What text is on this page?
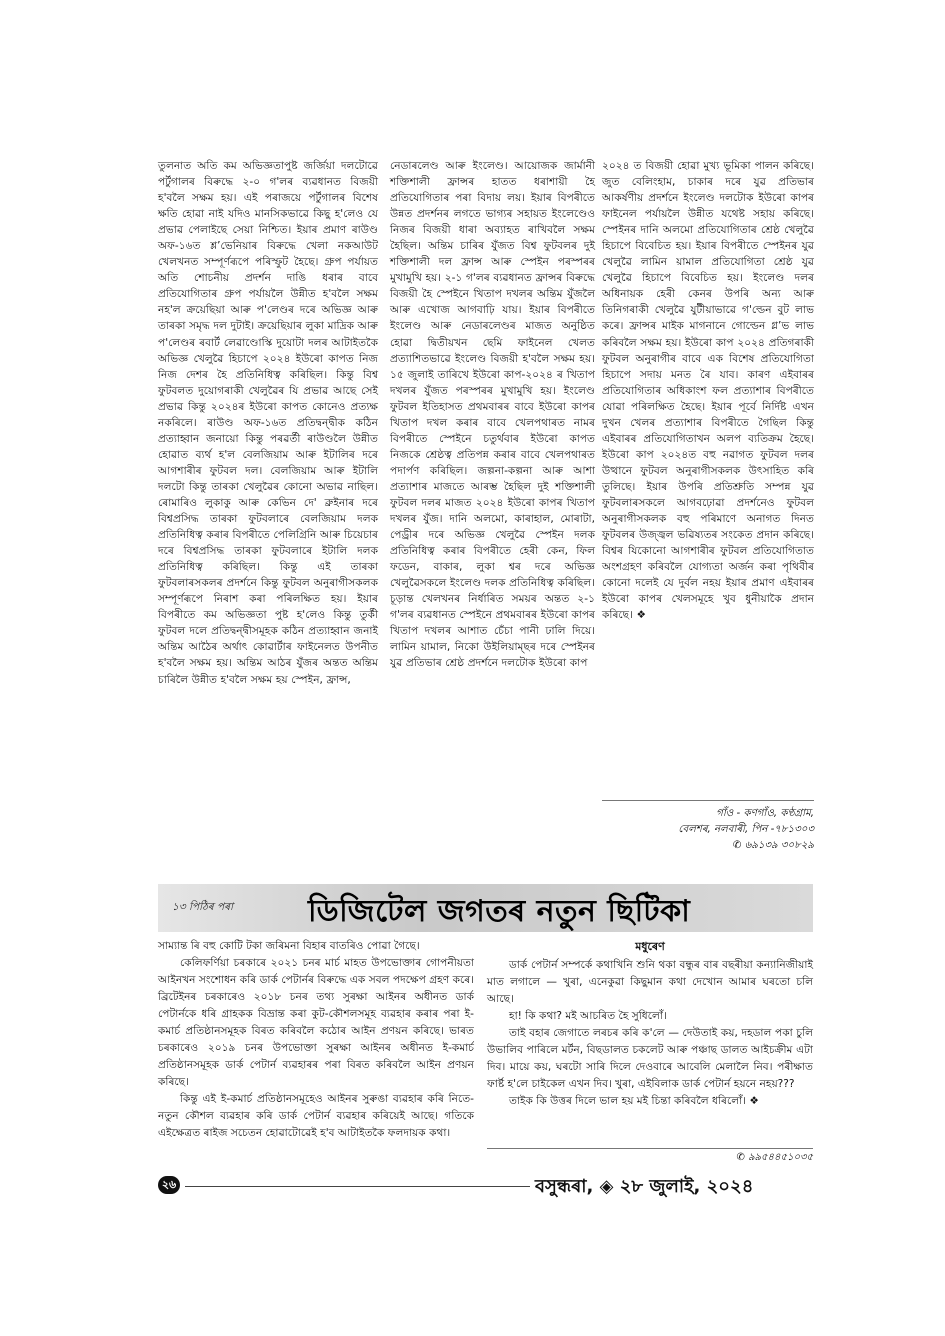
তুলনাত অতি কম অভিজ্ঞতাপুষ্ট জৰ্জিয়া দলটোৱে পৰ্টুগালৰ বিৰুদ্ধে ২-০ গ'লৰ ব্যৱধানত বিজয়ী হ'বলৈ সক্ষম হয়। এই পৰাজয়ে পৰ্টুগালৰ বিশেষ ক্ষতি হোৱা নাই যদিও মানসিকভাৱে কিছু হ'লেও যে প্ৰভাৱ পেলাইছে সেয়া নিশ্চিত। ইয়াৰ প্ৰমাণ ৰাউণ্ড অফ-১৬ত শ্লʼভেনিয়াৰ বিৰুদ্ধে খেলা নকআউট খেলখনত সম্পূৰ্ণৰূপে পৰিস্ফুট হৈছে। গ্ৰুপ পৰ্যায়ত অতি শোচনীয় প্ৰদৰ্শন দাঙি ধৰাৰ বাবে প্ৰতিযোগিতাৰ গ্ৰুপ পৰ্যায়লৈ উন্নীত হ'বলৈ সক্ষম নহ'ল ক্ৰয়েছিয়া আৰু প'লেণ্ডৰ দৰে অভিজ্ঞ আৰু তাৰকা সমৃদ্ধ দল দুটাই। ক্ৰয়েছিয়াৰ লুকা মাদ্ৰিক আৰু প'লেণ্ডৰ ৰবাৰ্ট লেৱাণ্ডোস্কি দুয়োটা দলৰ আটাইতকৈ অভিজ্ঞ খেলুৱৈ হিচাপে ২০২৪ ইউৰো কাপত নিজ নিজ দেশৰ হৈ প্ৰতিনিধিত্ব কৰিছিল। কিন্তু বিশ্ব ফুটবলত দুয়োগৰাকী খেলুৱৈৰ যি প্ৰভাৱ আছে সেই প্ৰভাৱ কিন্তু ২০২৪ৰ ইউৰো কাপত কোনেও প্ৰত্যক্ষ নকৰিলে। ৰাউণ্ড অফ-১৬ত প্ৰতিদ্বন্দ্বীক কঠিন প্ৰত্যাহ্বান জনায়ো কিন্তু পৰৱৰ্তী ৰাউণ্ডলৈ উন্নীত হোৱাত ব্যৰ্থ হ'ল বেলজিয়াম আৰু ইটালিৰ দৰে আগশাৰীৰ ফুটবল দল। বেলজিয়াম আৰু ইটালি দলটো কিন্তু তাৰকা খেলুৱৈৰ কোনো অভাৱ নাছিল। ৰোমাৰিও লুকাকু আৰু কেভিন দে' ব্ৰুইনাৰ দৰে বিশ্বপ্ৰসিদ্ধ তাৰকা ফুটবলাৰে বেলজিয়াম দলক প্ৰতিনিধিত্ব কৰাৰ বিপৰীতে পেলিগ্ৰিনি আৰু চিয়েচাৰ দৰে বিশ্বপ্ৰসিদ্ধ তাৰকা ফুটবলাৰে ইটালি দলক প্ৰতিনিধিত্ব কৰিছিল। কিন্তু এই তাৰকা ফুটবলাৰসকলৰ প্ৰদৰ্শনে কিন্তু ফুটবল অনুৰাগীসকলক সম্পূৰ্ণৰূপে নিৰাশ কৰা পৰিলক্ষিত হয়। ইয়াৰ বিপৰীতে কম অভিজ্ঞতা পুষ্ট হ'লেও কিন্তু তুৰ্কী ফুটবল দলে প্ৰতিদ্বন্দ্বীসমূহক কঠিন প্ৰত্যাহ্বান জনাই অন্তিম আঠৈৰ অৰ্থাৎ কোৱাৰ্টাৰ ফাইনেলত উপনীত হ'বলৈ সক্ষম হয়। অন্তিম আঠৰ যুঁজৰ অন্তত অন্তিম চাৰিলৈ উন্নীত হ'বলৈ সক্ষম হয় স্পেইন, ফ্ৰান্স,
নেডাৰলেণ্ড আৰু ইংলেণ্ড। আয়োজক জাৰ্মানী শক্তিশালী ফ্ৰান্সৰ হাতত ধৰাশায়ী হৈ প্ৰতিযোগিতাৰ পৰা বিদায় লয়। ইয়াৰ বিপৰীতে উন্নত প্ৰদৰ্শনৰ লগতে ভাগ্যৰ সহায়ত ইংলেণ্ডেও নিজৰ বিজয়ী ধাৰা অব্যাহত ৰাখিবলৈ সক্ষম হৈছিল। অন্তিম চাৰিৰ যুঁজত বিশ্ব ফুটবলৰ দুই শক্তিশালী দল ফ্ৰান্স আৰু স্পেইন পৰস্পৰৰ মুখামুখি হয়। ২-১ গ'লৰ ব্যৱধানত ফ্ৰান্সৰ বিৰুদ্ধে বিজয়ী হৈ স্পেইনে খিতাপ দখলৰ অন্তিম যুঁজলৈ আৰু এখোজ আগবাঢ়ি যায়। ইয়াৰ বিপৰীতে ইংলেণ্ড আৰু নেডাৰলেণ্ডৰ মাজত অনুষ্ঠিত হোৱা দ্বিতীয়খন ছেমি ফাইনেল খেলত প্ৰত্যাশিতভাৱে ইংলেণ্ড বিজয়ী হ'বলৈ সক্ষম হয়। ১৫ জুলাই তাৰিখে ইউৰো কাপ-২০২৪ ৰ খিতাপ দখলৰ যুঁজত পৰস্পৰৰ মুখামুখি হয়। ইংলেণ্ড ফুটবল ইতিহাসত প্ৰথমবাৰৰ বাবে ইউৰো কাপৰ খিতাপ দখল কৰাৰ বাবে খেলপথাৰত নামৰ বিপৰীতে স্পেইনে চতুৰ্থবাৰ ইউৰো কাপত নিজকে শ্ৰেষ্ঠত্ব প্ৰতিপন্ন কৰাৰ বাবে খেলপথাৰত পদাৰ্পণ কৰিছিল। জল্পনা-কল্পনা আৰু আশা প্ৰত্যাশাৰ মাজতে আৰম্ভ হৈছিল দুই শক্তিশালী ফুটবল দলৰ মাজত ২০২৪ ইউৰো কাপৰ খিতাপ দখলৰ যুঁজ। দানি অলমো, কাৰাহাল, মোৰাটা, পেড্ৰীৰ দৰে অভিজ্ঞ খেলুৱৈ স্পেইন দলক প্ৰতিনিধিত্ব কৰাৰ বিপৰীতে হেৰী কেন, ফিল ফডেন, বাকাৰ, লুকা শ্বৰ দৰে অভিজ্ঞ খেলুৱৈসকলে ইংলেণ্ড দলক প্ৰতিনিধিত্ব কৰিছিল। চূড়ান্ত খেলখনৰ নিৰ্ধাৰিত সময়ৰ অন্তত ২-১ গ'লৰ ব্যৱধানত স্পেইনে প্ৰথমবাৰৰ ইউৰো কাপৰ খিতাপ দখলৰ আশাত চেঁচা পানী ঢালি দিয়ে। লামিন য়ামাল, নিকো উইলিয়াম্ছৰ দৰে স্পেইনৰ যুৱ প্ৰতিভাৰ শ্ৰেষ্ঠ প্ৰদৰ্শনে দলটোক ইউৰো কাপ
২০২৪ ত বিজয়ী হোৱা মুখ্য ভূমিকা পালন কৰিছে। জুত বেলিংহাম, চাকাৰ দৰে যুৱ প্ৰতিভাৰ আকৰ্ষণীয় প্ৰদৰ্শনে ইংলেণ্ড দলটোক ইউৰো কাপৰ ফাইনেল পৰ্যায়লৈ উন্নীত যথেষ্ট সহায় কৰিছে। স্পেইনৰ দানি অলমো প্ৰতিযোগিতাৰ শ্ৰেষ্ঠ খেলুৱৈ হিচাপে বিবেচিত হয়। ইয়াৰ বিপৰীতে স্পেইনৰ যুৱ খেলুৱৈ লামিন য়ামাল প্ৰতিযোগিতা শ্ৰেষ্ঠ যুৱ খেলুৱৈ হিচাপে বিবেচিত হয়। ইংলেণ্ড দলৰ অধিনায়ক হেৰী কেনৰ উপৰি অন্য আৰু তিনিগৰাকী খেলুৱৈ যুটীয়াভাৱে গ'ল্ডেন বুট লাভ কৰে। ফ্ৰান্সৰ মাইক মাগনানে গোল্ডেন গ্লʼভ লাভ কৰিবলৈ সক্ষম হয়। ইউৰো কাপ ২০২৪ প্ৰতিগৰাকী ফুটবল অনুৰাগীৰ বাবে এক বিশেষ প্ৰতিযোগিতা হিচাপে সদায় মনত ৰৈ যাব। কাৰণ এইবাৰৰ প্ৰতিযোগিতাৰ অধিকাংশ ফল প্ৰত্যাশাৰ বিপৰীতে যোৱা পৰিলক্ষিত হৈছে। ইয়াৰ পূৰ্বে নিৰ্দিষ্ট এখন দুখন খেলৰ প্ৰত্যাশাৰ বিপৰীতে গৈছিল কিন্তু এইবাৰৰ প্ৰতিযোগিতাখন অলপ ব্যতিক্ৰম হৈছে। ইউৰো কাপ ২০২৪ত বহু নৱাগত ফুটবল দলৰ উত্থানে ফুটবল অনুৰাগীসকলক উৎসাহিত কৰি তুলিছে। ইয়াৰ উপৰি প্ৰতিশ্ৰুতি সম্পন্ন যুৱ ফুটবলাৰসকলে আগবঢ়োৱা প্ৰদৰ্শনেও ফুটবল অনুৰাগীসকলক বহু পৰিমাণে অনাগত দিনত ফুটবলৰ উজ্জ্বল ভৱিষ্যতৰ সংকেত প্ৰদান কৰিছে। বিশ্বৰ যিকোনো আগশাৰীৰ ফুটবল প্ৰতিযোগিতাত অংশগ্ৰহণ কৰিবলৈ যোগ্যতা অৰ্জন কৰা পৃথিবীৰ কোনো দলেই যে দুৰ্বল নহয় ইয়াৰ প্ৰমাণ এইবাৰৰ ইউৰো কাপৰ খেলসমূহে খুব ধুনীয়াকৈ প্ৰদান কৰিছে। ❖
গাঁও - কণগাঁও, কণ্ঠগ্ৰাম,
বেলশৰ, নলবাৰী, পিন -৭৮১৩০৩
✆ ৬৯১৩৯ ৩০৮২৯
১৩ পিঠিৰ পৰা ডিজিটেল জগতৰ নতুন ছিটিকা

সাম্যান্ত ৰি বহু কোটি টকা জৰিমনা বিহাৰ বাতৰিও পোৱা গৈছে।

কেলিফৰ্ণিয়া চৰকাৰে ২০২১ চনৰ মাৰ্চ মাহত উপভোক্তাৰ গোপনীয়তা আইনখন সংশোধন কৰি ডাৰ্ক পেটাৰ্নৰ বিৰুদ্ধে এক সবল পদক্ষেপ গ্ৰহণ কৰে। ব্ৰিটেইনৰ চৰকাৰেও ২০১৮ চনৰ তথ্য সুৰক্ষা আইনৰ অধীনত ডাৰ্ক পেটাৰ্নকে ধৰি গ্ৰাহকক বিভ্ৰান্ত কৰা কুট-কৌশলসমূহ ব্যৱহাৰ কৰাৰ পৰা ই-কমাৰ্চ প্ৰতিষ্ঠানসমূহক বিৰত কৰিবলৈ কঠোৰ আইন প্ৰণয়ন কৰিছে। ভাৰত চৰকাৰেও ২০১৯ চনৰ উপভোক্তা সুৰক্ষা আইনৰ অধীনত ই-কমাৰ্চ প্ৰতিষ্ঠানসমূহক ডাৰ্ক পেটাৰ্ন ব্যৱহাৰৰ পৰা বিৰত কৰিবলৈ আইন প্ৰণয়ন কৰিছে।

কিন্তু এই ই-কমাৰ্চ প্ৰতিষ্ঠানসমূহেও আইনৰ সুৰুঙা ব্যৱহাৰ কৰি নিতে-নতুন কৌশল ব্যৱহাৰ কৰি ডাৰ্ক পেটাৰ্ন ব্যৱহাৰ কৰিয়েই আছে। গতিকে এইক্ষেত্ৰত ৰাইজ সচেতন হোৱাটোৱেই হ'ব আটাইতকৈ ফলদায়ক কথা।

মধুৰেণ

ডাৰ্ক পেটাৰ্ন সম্পৰ্কে কথাখিনি শুনি থকা বন্ধুৰ বাৰ বছৰীয়া কন্যানিজীয়াই মাত লগালে — খুৰা, এনেকুৱা কিছুমান কথা দেখোন আমাৰ ঘৰতো চলি আছে।

হা! কি কথা? মই আচৰিত হৈ সুধিলোঁ।

তাই বহাৰ জেগাতে লৰচৰ কৰি ক'লে — দেউতাই কয়, দহডাল পকা চুলি উভালিব পাৰিলে মৰ্টন, বিছডালত চকলেট আৰু পঞ্চাছ ডালত আইচক্ৰীম এটা দিব। মায়ে কয়, ঘৰটো সাৰি দিলে দেওবাৰে আবেলি মেলালৈ নিব। পৰীক্ষাত ফাৰ্ষ্ট হ'লে চাইকেল এখন দিব। খুৰা, এইবিলাক ডাৰ্ক পেটাৰ্ন হয়নে নহয়???

তাইক কি উত্তৰ দিলে ভাল হয় মই চিন্তা কৰিবলৈ ধৰিলোঁ। ❖

✆ ৯৯৫৪৪৫১০৩৫
২৬	বসুন্ধৰা, ◈ ২৮ জুলাই, ২০২৪
